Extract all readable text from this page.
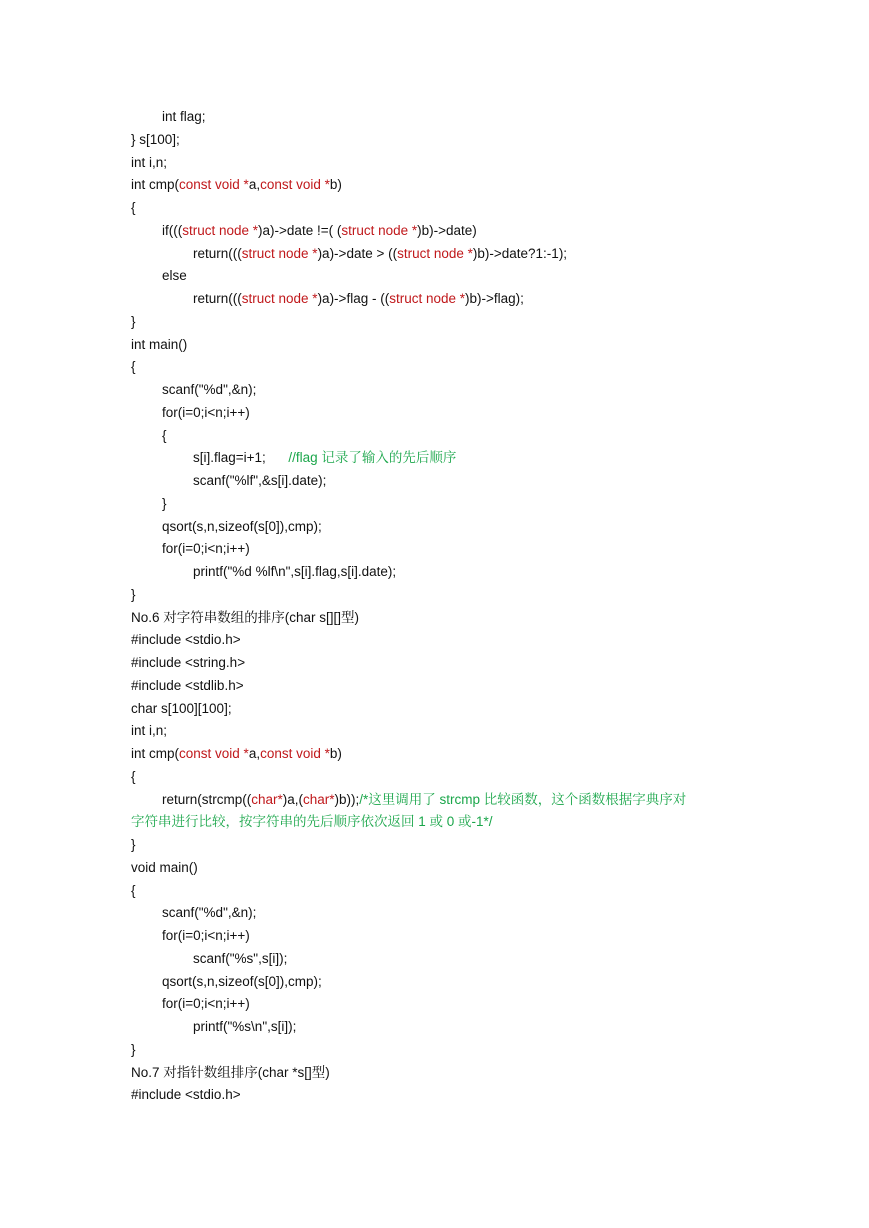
int flag;
} s[100];
int i,n;
int cmp(const void *a,const void *b)
{
if(((struct node *)a)->date !=( (struct node *)b)->date)
return(((struct node *)a)->date > ((struct node *)b)->date?1:-1);
else
return(((struct node *)a)->flag - ((struct node *)b)->flag);
}
int main()
{
scanf("%d",&n);
for(i=0;i<n;i++)
{
s[i].flag=i+1;      //flag 记录了输入的先后顺序
scanf("%lf",&s[i].date);
}
qsort(s,n,sizeof(s[0]),cmp);
for(i=0;i<n;i++)
printf("%d %lf\n",s[i].flag,s[i].date);
}
No.6 对字符串数组的排序(char s[][]型)
#include <stdio.h>
#include <string.h>
#include <stdlib.h>
char s[100][100];
int i,n;
int cmp(const void *a,const void *b)
{
return(strcmp((char*)a,(char*)b));/*这里调用了 strcmp 比较函数，这个函数根据字典序对
字符串进行比较，按字符串的先后顺序依次返回 1 或 0 或-1*/
}
void main()
{
scanf("%d",&n);
for(i=0;i<n;i++)
scanf("%s",s[i]);
qsort(s,n,sizeof(s[0]),cmp);
for(i=0;i<n;i++)
printf("%s\n",s[i]);
}
No.7 对指针数组排序(char *s[]型)
#include <stdio.h>
